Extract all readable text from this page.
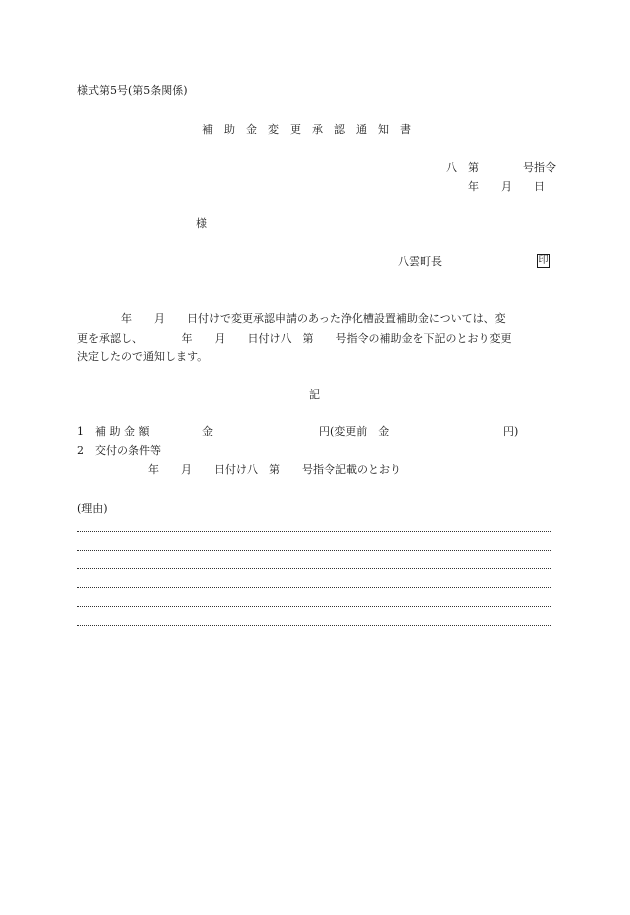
様式第5号(第5条関係)
補　助　金　変　更　承　認　通　知　書
八　第　　　　号指令
年　　月　　日
様
八雲町長	印
年　　月　　日付けで変更承認申請のあった浄化槽設置補助金については、変
更を承認し、　　　　年　　月　　日付け八　第　　号指令の補助金を下記のとおり変更
決定したので通知します。
記
1　補 助 金 額	金	円(変更前　金	円)
2　交付の条件等
年　　月　　日付け八　第　　号指令記載のとおり
(理由)
